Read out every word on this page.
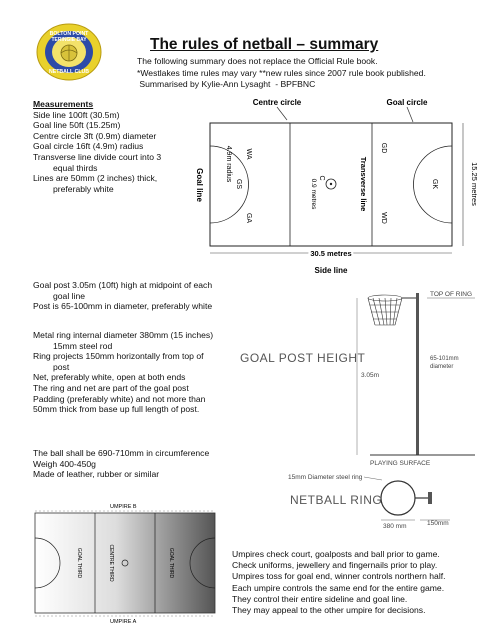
BOLTON POINT
TERINGIE BAY
NETBALL CLUB
The rules of netball – summary
The following summary does not replace the Official Rule book.
*Westlakes time rules may vary **new rules since 2007 rule book published.
Summarised by Kylie-Ann Lysaght  - BPFBNC
Measurements
Side line 100ft (30.5m)
Goal line 50ft (15.25m)
Centre circle 3ft (0.9m) diameter
Goal circle 16ft (4.9m) radius
Transverse line divide court into 3
equal thirds
Lines are 50mm (2 inches) thick,
preferably white
Centre circle	Goal circle
Goal line
4.9m radius WA
GS
GA
C
0.9 metres	Transverse line
GD
GK
WD
15.25 metres
30.5 metres
Side line
Goal post 3.05m (10ft) high at midpoint of each
goal line
Post is 65-100mm in diameter, preferably white
Metal ring internal diameter 380mm (15 inches)
15mm steel rod
Ring projects 150mm horizontally from top of
post
Net, preferably white, open at both ends
The ring and net are part of the goal post
Padding (preferably white) and not more than
50mm thick from base up full length of post.
The ball shall be 690-710mm in circumference
Weigh 400-450g
Made of leather, rubber or similar
TOP OF RING
3.05m
GOAL POST HEIGHT	65-101mm
diameter
PLAYING SURFACE
15mm Diameter steel ring
NETBALL RING
380 mm	150mm
UMPIRE B
GOAL THIRD	CENTRE THIRD	GOAL THIRD
UMPIRE A
Umpires check court, goalposts and ball prior to game.
Check uniforms, jewellery and fingernails prior to play.
Umpires toss for goal end, winner controls northern half.
Each umpire controls the same end for the entire game.
They control their entire sideline and goal line.
They may appeal to the other umpire for decisions.
